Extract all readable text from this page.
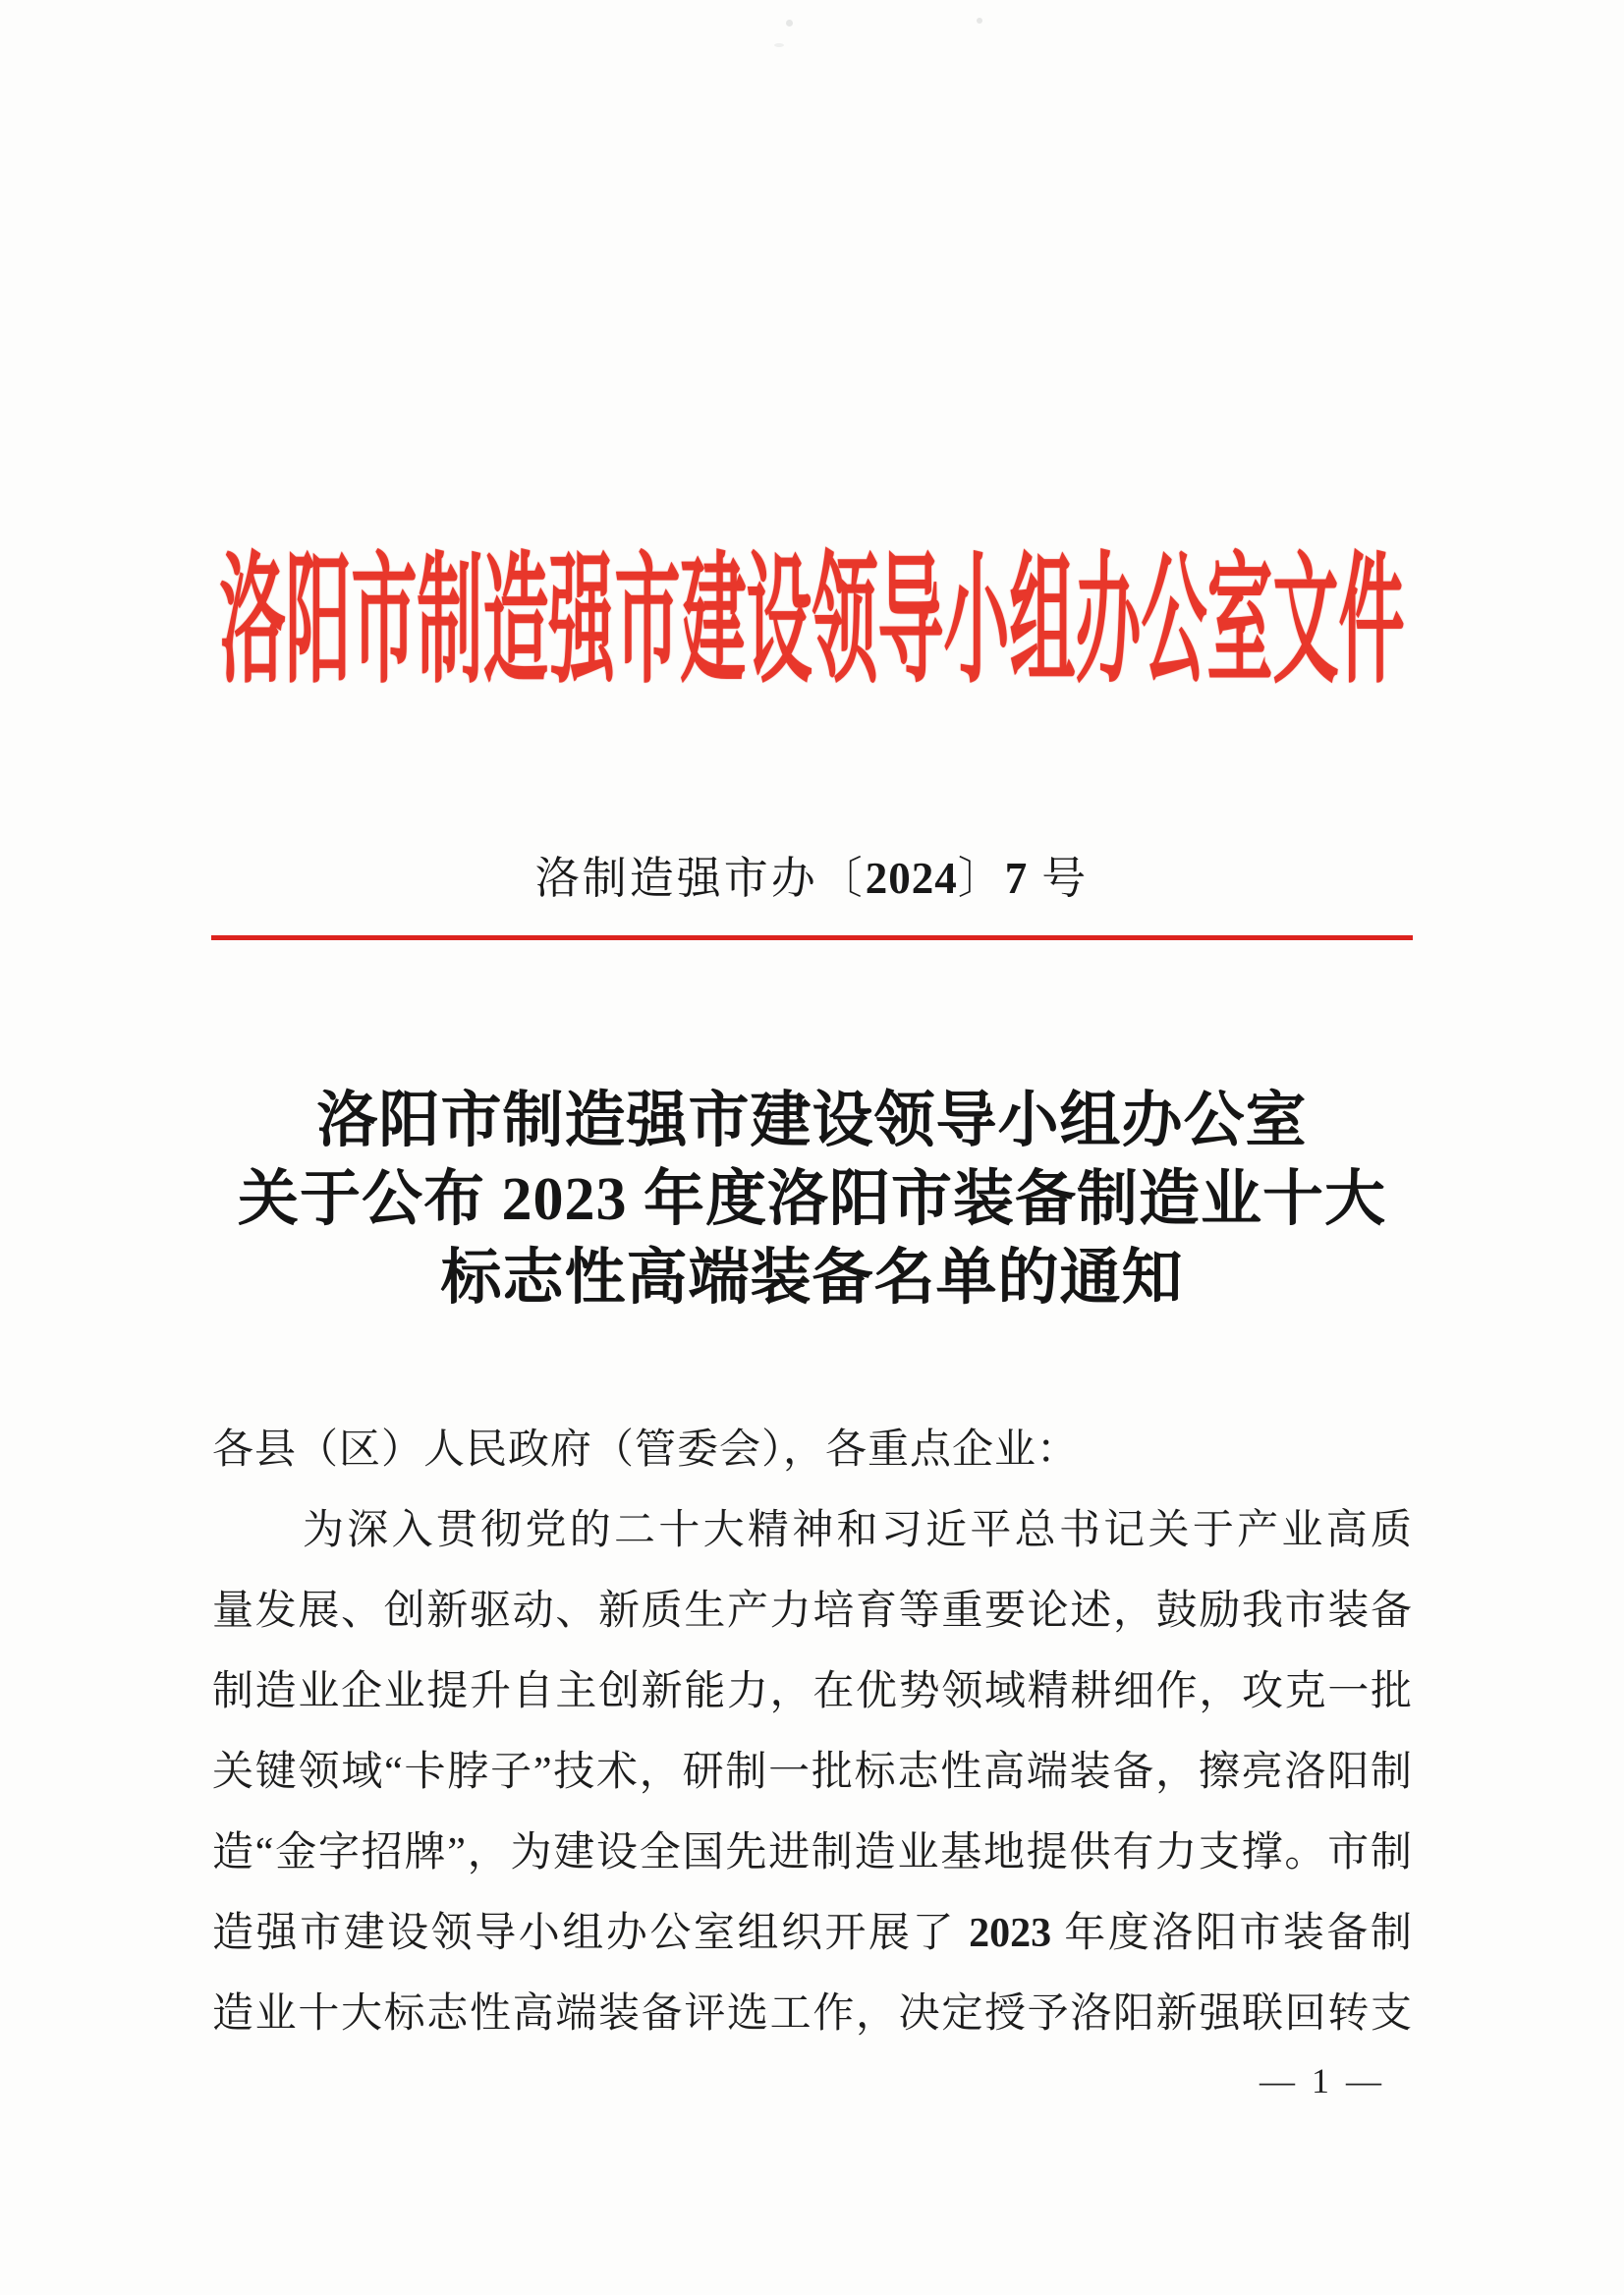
洛阳市制造强市建设领导小组办公室文件
洛制造强市办〔2024〕7 号
洛阳市制造强市建设领导小组办公室
关于公布 2023 年度洛阳市装备制造业十大
标志性高端装备名单的通知
各县（区）人民政府（管委会），各重点企业：
为深入贯彻党的二十大精神和习近平总书记关于产业高质
量发展、创新驱动、新质生产力培育等重要论述，鼓励我市装备
制造业企业提升自主创新能力，在优势领域精耕细作，攻克一批
关键领域“卡脖子”技术，研制一批标志性高端装备，擦亮洛阳制
造“金字招牌”，为建设全国先进制造业基地提供有力支撑。市制
造强市建设领导小组办公室组织开展了 2023 年度洛阳市装备制
造业十大标志性高端装备评选工作，决定授予洛阳新强联回转支
— 1 —
